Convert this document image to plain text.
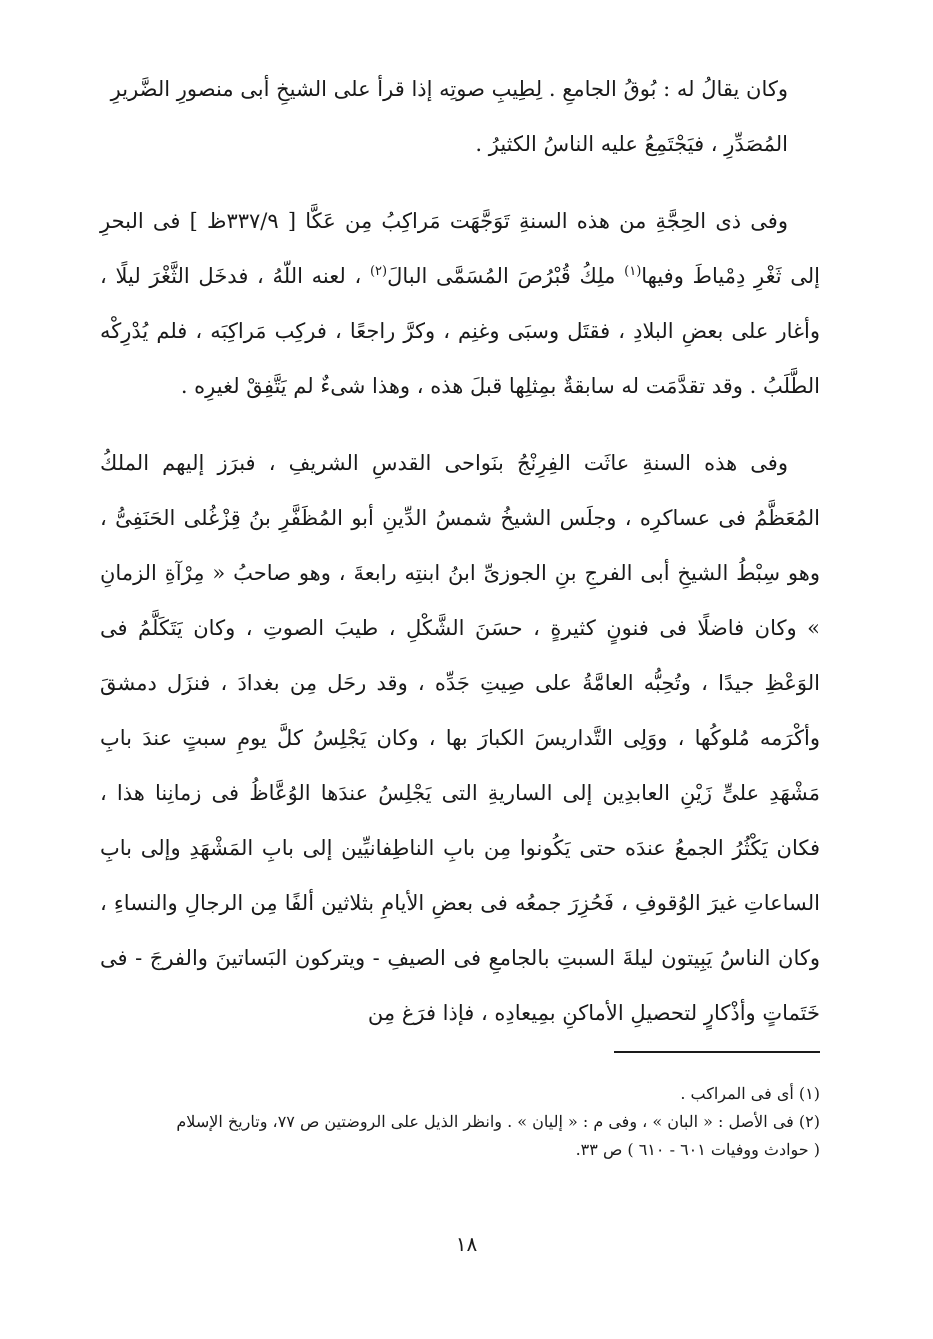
وكان يقالُ له : بُوقُ الجامعِ . لِطِيبِ صوتِه إذا قرأ على الشيخِ أبى منصورِ الضَّريرِ

المُصَدِّرِ ، فيَجْتَمِعُ عليه الناسُ الكثيرُ .

وفى ذى الحِجَّةِ من هذه السنةِ تَوَجَّهَت مَراكِبُ مِن عَكَّا [ ٣٣٧/٩ظ ] فى البحرِ إلى ثَغْرِ دِمْياطَ وفيها$^{(١)}$ ملِكُ قُبْرُصَ المُسَمَّى البالَ$^{(٢)}$ ، لعنه اللّهُ ، فدخَل الثَّغْرَ ليلًا ، وأغار على بعضِ البلادِ ، فقتَل وسبَى وغنِم ، وكرَّ راجعًا ، فركِب مَراكِبَه ، فلم يُدْرِكْه الطَّلَبُ . وقد تقدَّمَت له سابقةٌ بمِثلِها قبلَ هذه ، وهذا شىءٌ لم يَتَّفِقْ لغيرِه .
وفى هذه السنةِ عاثَت الفِرِنْجُ بنَواحى القدسِ الشريفِ ، فبرَز إليهم الملكُ المُعَظَّمُ فى عساكرِه ، وجلَس الشيخُ شمسُ الدِّينِ أبو المُظَفَّرِ بنُ قِزْغُلى الحَنَفِىُّ ، وهو سِبْطُ الشيخِ أبى الفرجِ بنِ الجوزىِّ ابنُ ابنتِه رابعةَ ، وهو صاحبُ « مِرْآةِ الزمانِ » وكان فاضلًا فى فنونٍ كثيرةٍ ، حسَنَ الشَّكْلِ ، طيبَ الصوتِ ، وكان يَتَكَلَّمُ فى الوَعْظِ جيدًا ، وتُحِبُّه العامَّةُ على صِيتِ جَدِّه ، وقد رحَل مِن بغدادَ ، فنزَل دمشقَ وأكْرَمه مُلوكُها ، ووَلِى التَّداريسَ الكبارَ بها ، وكان يَجْلِسُ كلَّ يومِ سبتٍ عندَ بابِ مَشْهَدِ علىٍّ زَيْنِ العابدِين إلى الساريةِ التى يَجْلِسُ عندَها الوُعَّاظُ فى زمانِنا هذا ، فكان يَكْثُرُ الجمعُ عندَه حتى يَكُونوا مِن بابِ الناطِفانيِّين إلى بابِ المَشْهَدِ وإلى بابِ الساعاتِ غيرَ الوُقوفِ ، فَحُزِرَ جمعُه فى بعضِ الأيامِ بثلاثين ألفًا مِن الرجالِ والنساءِ ، وكان الناسُ يَبِيتون ليلةَ السبتِ بالجامعِ فى الصيفِ - ويتركون البَساتينَ والفرجَ - فى خَتَماتٍ وأذْكارٍ لتحصيلِ الأماكنِ بمِيعادِه ، فإذا فرَغ مِن
(١) أى فى المراكب .
(٢) فى الأصل : « البان » ، وفى م : « إليان » . وانظر الذيل على الروضتين ص ٧٧، وتاريخ الإسلام
( حوادث ووفيات ٦٠١ - ٦١٠ ) ص ٣٣.
١٨
